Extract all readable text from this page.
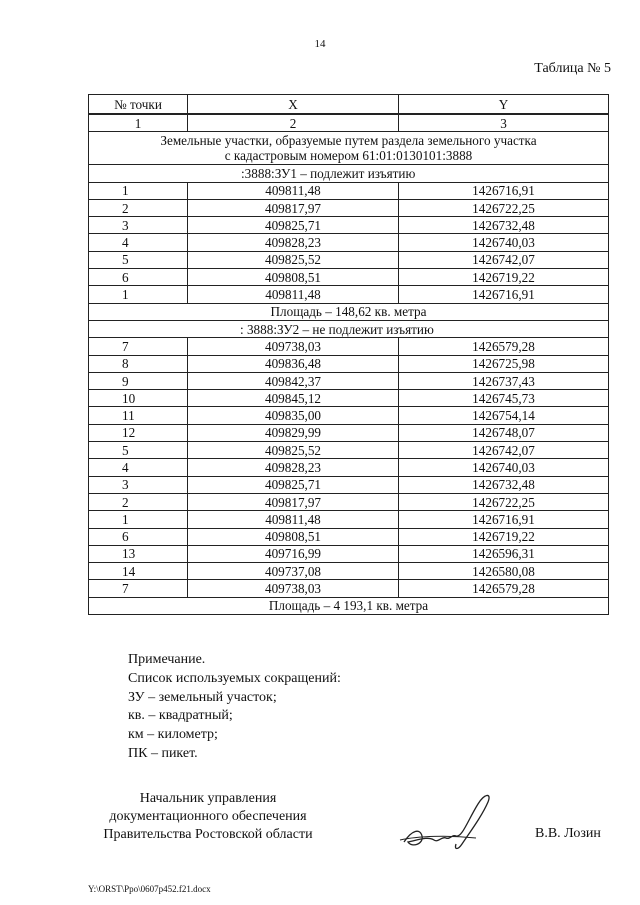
14
Таблица № 5
№ точки	X	Y
1	2	3
Земельные участки, образуемые путем раздела земельного участка
с кадастровым номером 61:01:0130101:3888		
:3888:ЗУ1 – подлежит изъятию		
1	409811,48	1426716,91
2	409817,97	1426722,25
3	409825,71	1426732,48
4	409828,23	1426740,03
5	409825,52	1426742,07
6	409808,51	1426719,22
1	409811,48	1426716,91
Площадь – 148,62 кв. метра		
: 3888:ЗУ2 – не подлежит изъятию		
7	409738,03	1426579,28
8	409836,48	1426725,98
9	409842,37	1426737,43
10	409845,12	1426745,73
11	409835,00	1426754,14
12	409829,99	1426748,07
5	409825,52	1426742,07
4	409828,23	1426740,03
3	409825,71	1426732,48
2	409817,97	1426722,25
1	409811,48	1426716,91
6	409808,51	1426719,22
13	409716,99	1426596,31
14	409737,08	1426580,08
7	409738,03	1426579,28
Площадь – 4 193,1 кв. метра		
Примечание.
Список используемых сокращений:
ЗУ – земельный участок;
кв. – квадратный;
км – километр;
ПК – пикет.
Начальник управления
документационного обеспечения
Правительства Ростовской области	В.В. Лозин
Y:\ORST\Ppo\0607p452.f21.docx
